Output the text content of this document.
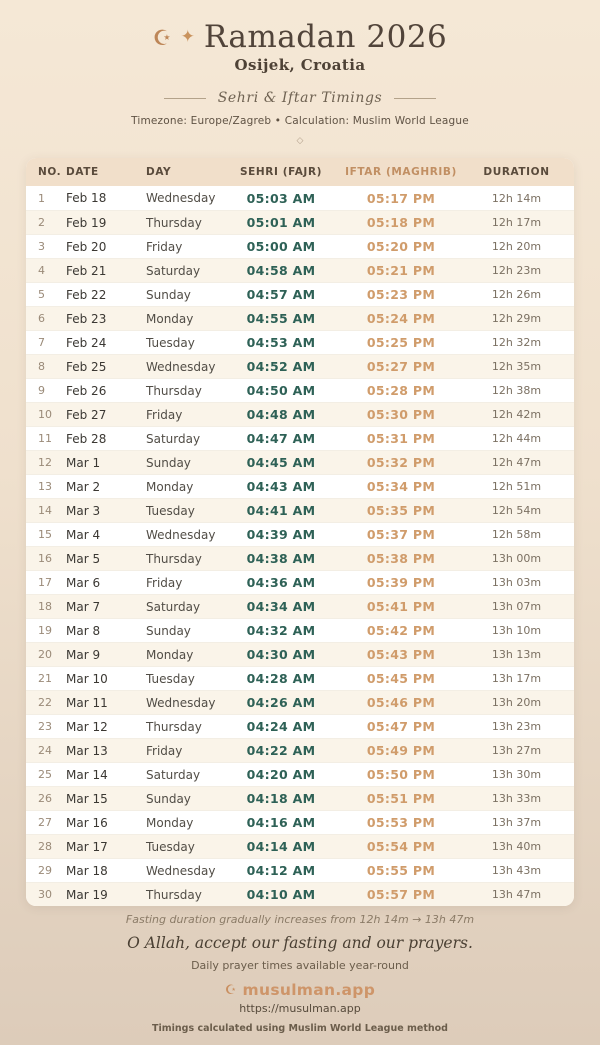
☪ ✦ Ramadan 2026
Osijek, Croatia
Sehri & Iftar Timings
Timezone: Europe/Zagreb • Calculation: Muslim World League
◇
NO. DATE	DAY	SEHRI (FAJR)	IFTAR (MAGHRIB)	DURATION
1	Feb 18	Wednesday	05:03 AM	05:17 PM	12h 14m
2	Feb 19	Thursday	05:01 AM	05:18 PM	12h 17m
3	Feb 20	Friday	05:00 AM	05:20 PM	12h 20m
4	Feb 21	Saturday	04:58 AM	05:21 PM	12h 23m
5	Feb 22	Sunday	04:57 AM	05:23 PM	12h 26m
6	Feb 23	Monday	04:55 AM	05:24 PM	12h 29m
7	Feb 24	Tuesday	04:53 AM	05:25 PM	12h 32m
8	Feb 25	Wednesday	04:52 AM	05:27 PM	12h 35m
9	Feb 26	Thursday	04:50 AM	05:28 PM	12h 38m
10	Feb 27	Friday	04:48 AM	05:30 PM	12h 42m
11	Feb 28	Saturday	04:47 AM	05:31 PM	12h 44m
12	Mar 1	Sunday	04:45 AM	05:32 PM	12h 47m
13	Mar 2	Monday	04:43 AM	05:34 PM	12h 51m
14	Mar 3	Tuesday	04:41 AM	05:35 PM	12h 54m
15	Mar 4	Wednesday	04:39 AM	05:37 PM	12h 58m
16	Mar 5	Thursday	04:38 AM	05:38 PM	13h 00m
17	Mar 6	Friday	04:36 AM	05:39 PM	13h 03m
18	Mar 7	Saturday	04:34 AM	05:41 PM	13h 07m
19	Mar 8	Sunday	04:32 AM	05:42 PM	13h 10m
20	Mar 9	Monday	04:30 AM	05:43 PM	13h 13m
21	Mar 10	Tuesday	04:28 AM	05:45 PM	13h 17m
22	Mar 11	Wednesday	04:26 AM	05:46 PM	13h 20m
23	Mar 12	Thursday	04:24 AM	05:47 PM	13h 23m
24	Mar 13	Friday	04:22 AM	05:49 PM	13h 27m
25	Mar 14	Saturday	04:20 AM	05:50 PM	13h 30m
26	Mar 15	Sunday	04:18 AM	05:51 PM	13h 33m
27	Mar 16	Monday	04:16 AM	05:53 PM	13h 37m
28	Mar 17	Tuesday	04:14 AM	05:54 PM	13h 40m
29	Mar 18	Wednesday	04:12 AM	05:55 PM	13h 43m
30	Mar 19	Thursday	04:10 AM	05:57 PM	13h 47m
Fasting duration gradually increases from 12h 14m → 13h 47m
O Allah, accept our fasting and our prayers.
Daily prayer times available year-round
☪ musulman.app
https://musulman.app
Timings calculated using Muslim World League method
